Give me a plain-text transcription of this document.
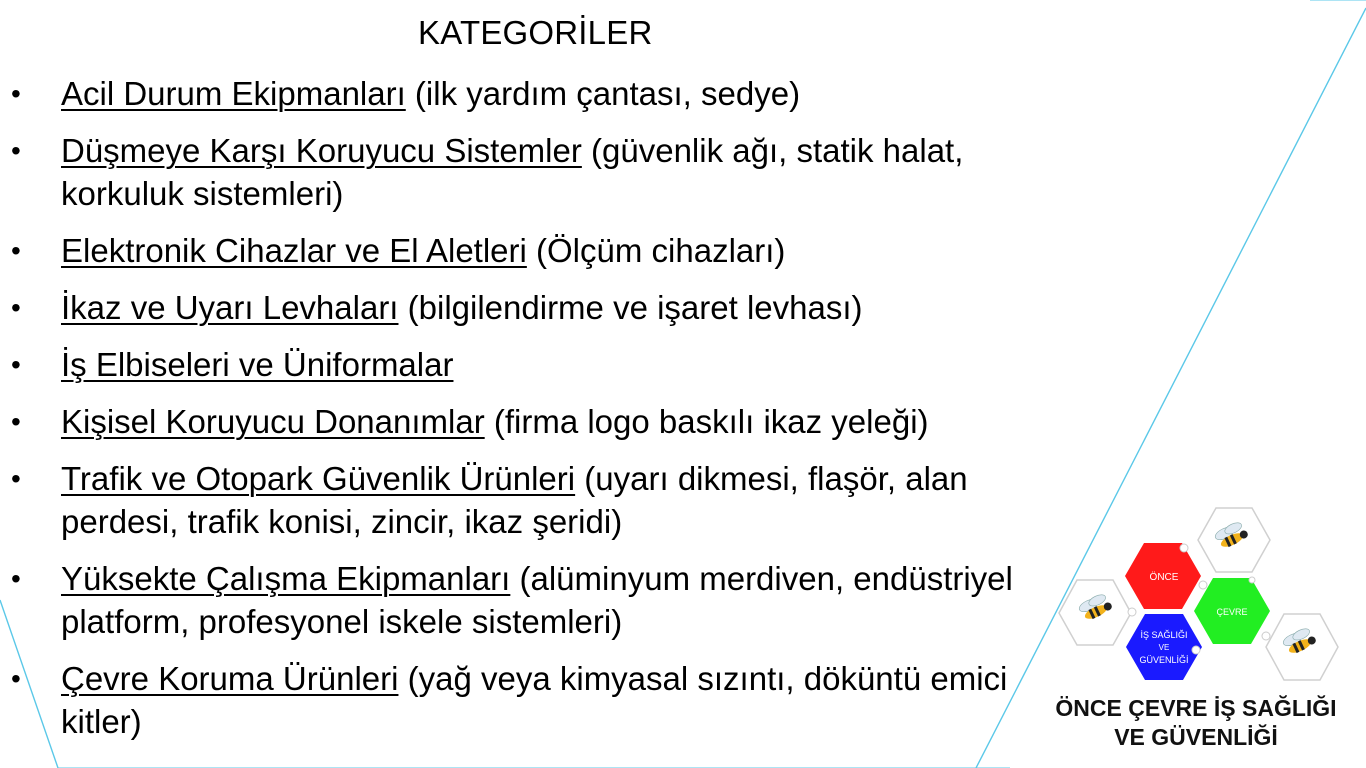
KATEGORİLER
• Acil Durum Ekipmanları (ilk yardım çantası, sedye)
• Düşmeye Karşı Koruyucu Sistemler (güvenlik ağı, statik halat, korkuluk sistemleri)
• Elektronik Cihazlar ve El Aletleri (Ölçüm cihazları)
• İkaz ve Uyarı Levhaları (bilgilendirme ve işaret levhası)
• İş Elbiseleri ve Üniformalar
• Kişisel Koruyucu Donanımlar (firma logo baskılı ikaz yeleği)
• Trafik ve Otopark Güvenlik Ürünleri (uyarı dikmesi, flaşör, alan perdesi, trafik konisi, zincir, ikaz şeridi)
• Yüksekte Çalışma Ekipmanları (alüminyum merdiven, endüstriyel platform, profesyonel iskele sistemleri)
• Çevre Koruma Ürünleri (yağ veya kimyasal sızıntı, döküntü emici kitler)
ÖNCE
ÇEVRE
İŞ SAĞLIĞI
VE
GÜVENLİĞİ
ÖNCE ÇEVRE İŞ SAĞLIĞI
VE GÜVENLİĞİ
